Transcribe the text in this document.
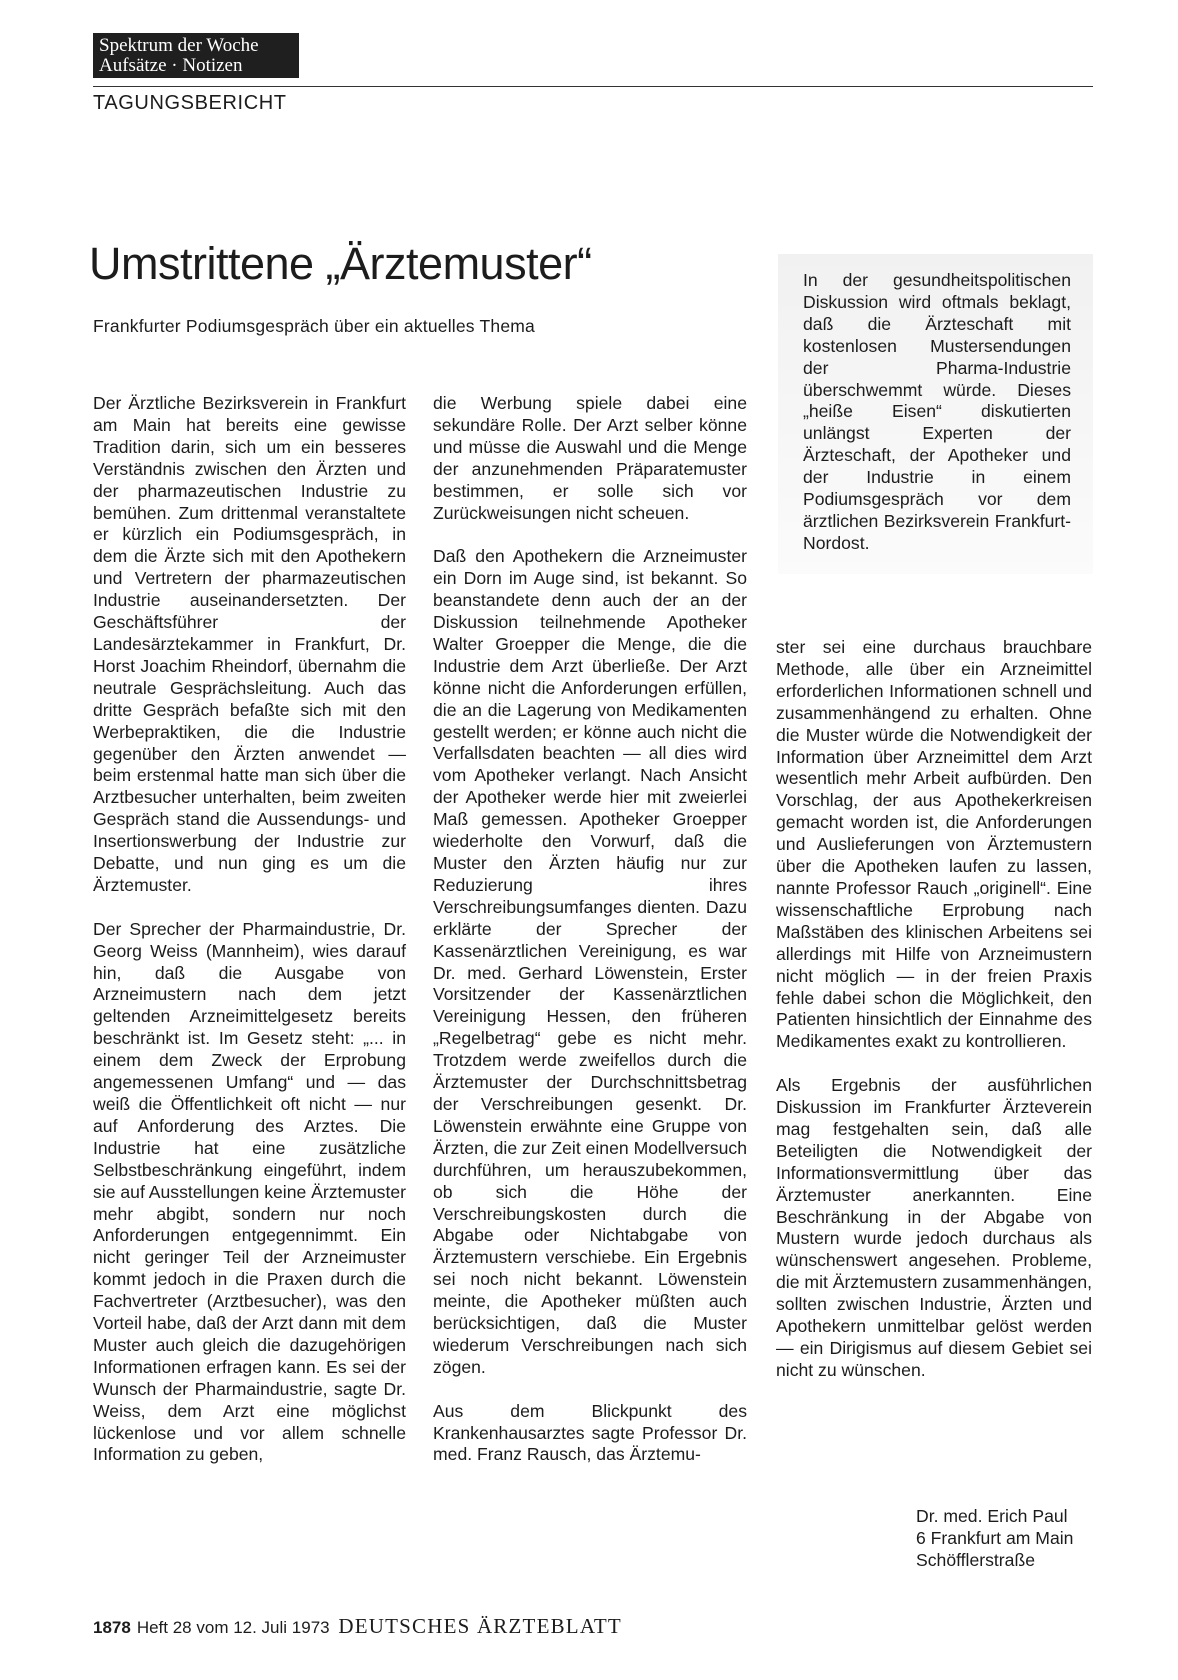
Spektrum der Woche
Aufsätze · Notizen
TAGUNGSBERICHT
Umstrittene „Ärztemuster“
Frankfurter Podiumsgespräch über ein aktuelles Thema
In der gesundheitspolitischen Diskussion wird oftmals beklagt, daß die Ärzteschaft mit kostenlosen Mustersendungen der Pharma-Industrie überschwemmt würde. Dieses „heiße Eisen“ diskutierten unlängst Experten der Ärzteschaft, der Apotheker und der Industrie in einem Podiumsgespräch vor dem ärztlichen Bezirksverein Frankfurt-Nordost.

Der Ärztliche Bezirksverein in Frankfurt am Main hat bereits eine gewisse Tradition darin, sich um ein besseres Verständnis zwischen den Ärzten und der pharmazeutischen Industrie zu bemühen. Zum drittenmal veranstaltete er kürzlich ein Podiumsgespräch, in dem die Ärzte sich mit den Apothekern und Vertretern der pharmazeutischen Industrie auseinandersetzten. Der Geschäftsführer der Landesärztekammer in Frankfurt, Dr. Horst Joachim Rheindorf, übernahm die neutrale Gesprächsleitung. Auch das dritte Gespräch befaßte sich mit den Werbepraktiken, die die Industrie gegenüber den Ärzten anwendet — beim erstenmal hatte man sich über die Arztbesucher unterhalten, beim zweiten Gespräch stand die Aussendungs- und Insertionswerbung der Industrie zur Debatte, und nun ging es um die Ärztemuster.

Der Sprecher der Pharmaindustrie, Dr. Georg Weiss (Mannheim), wies darauf hin, daß die Ausgabe von Arzneimustern nach dem jetzt geltenden Arzneimittelgesetz bereits beschränkt ist. Im Gesetz steht: „... in einem dem Zweck der Erprobung angemessenen Umfang“ und — das weiß die Öffentlichkeit oft nicht — nur auf Anforderung des Arztes. Die Industrie hat eine zusätzliche Selbstbeschränkung eingeführt, indem sie auf Ausstellungen keine Ärztemuster mehr abgibt, sondern nur noch Anforderungen entgegennimmt. Ein nicht geringer Teil der Arzneimuster kommt jedoch in die Praxen durch die Fachvertreter (Arztbesucher), was den Vorteil habe, daß der Arzt dann mit dem Muster auch gleich die dazugehörigen Informationen erfragen kann. Es sei der Wunsch der Pharmaindustrie, sagte Dr. Weiss, dem Arzt eine möglichst lückenlose und vor allem schnelle Information zu geben,

die Werbung spiele dabei eine sekundäre Rolle. Der Arzt selber könne und müsse die Auswahl und die Menge der anzunehmenden Präparatemuster bestimmen, er solle sich vor Zurückweisungen nicht scheuen.

Daß den Apothekern die Arzneimuster ein Dorn im Auge sind, ist bekannt. So beanstandete denn auch der an der Diskussion teilnehmende Apotheker Walter Groepper die Menge, die die Industrie dem Arzt überließe. Der Arzt könne nicht die Anforderungen erfüllen, die an die Lagerung von Medikamenten gestellt werden; er könne auch nicht die Verfallsdaten beachten — all dies wird vom Apotheker verlangt. Nach Ansicht der Apotheker werde hier mit zweierlei Maß gemessen. Apotheker Groepper wiederholte den Vorwurf, daß die Muster den Ärzten häufig nur zur Reduzierung ihres Verschreibungsumfanges dienten. Dazu erklärte der Sprecher der Kassenärztlichen Vereinigung, es war Dr. med. Gerhard Löwenstein, Erster Vorsitzender der Kassenärztlichen Vereinigung Hessen, den früheren „Regelbetrag“ gebe es nicht mehr. Trotzdem werde zweifellos durch die Ärztemuster der Durchschnittsbetrag der Verschreibungen gesenkt. Dr. Löwenstein erwähnte eine Gruppe von Ärzten, die zur Zeit einen Modellversuch durchführen, um herauszubekommen, ob sich die Höhe der Verschreibungskosten durch die Abgabe oder Nichtabgabe von Ärztemustern verschiebe. Ein Ergebnis sei noch nicht bekannt. Löwenstein meinte, die Apotheker müßten auch berücksichtigen, daß die Muster wiederum Verschreibungen nach sich zögen.

Aus dem Blickpunkt des Krankenhausarztes sagte Professor Dr. med. Franz Rausch, das Ärztemu-

ster sei eine durchaus brauchbare Methode, alle über ein Arzneimittel erforderlichen Informationen schnell und zusammenhängend zu erhalten. Ohne die Muster würde die Notwendigkeit der Information über Arzneimittel dem Arzt wesentlich mehr Arbeit aufbürden. Den Vorschlag, der aus Apothekerkreisen gemacht worden ist, die Anforderungen und Auslieferungen von Ärztemustern über die Apotheken laufen zu lassen, nannte Professor Rauch „originell“. Eine wissenschaftliche Erprobung nach Maßstäben des klinischen Arbeitens sei allerdings mit Hilfe von Arzneimustern nicht möglich — in der freien Praxis fehle dabei schon die Möglichkeit, den Patienten hinsichtlich der Einnahme des Medikamentes exakt zu kontrollieren.

Als Ergebnis der ausführlichen Diskussion im Frankfurter Ärzteverein mag festgehalten sein, daß alle Beteiligten die Notwendigkeit der Informationsvermittlung über das Ärztemuster anerkannten. Eine Beschränkung in der Abgabe von Mustern wurde jedoch durchaus als wünschenswert angesehen. Probleme, die mit Ärztemustern zusammenhängen, sollten zwischen Industrie, Ärzten und Apothekern unmittelbar gelöst werden — ein Dirigismus auf diesem Gebiet sei nicht zu wünschen.

Dr. med. Erich Paul
6 Frankfurt am Main
Schöfflerstraße
1878 Heft 28 vom 12. Juli 1973 DEUTSCHES ÄRZTEBLATT
